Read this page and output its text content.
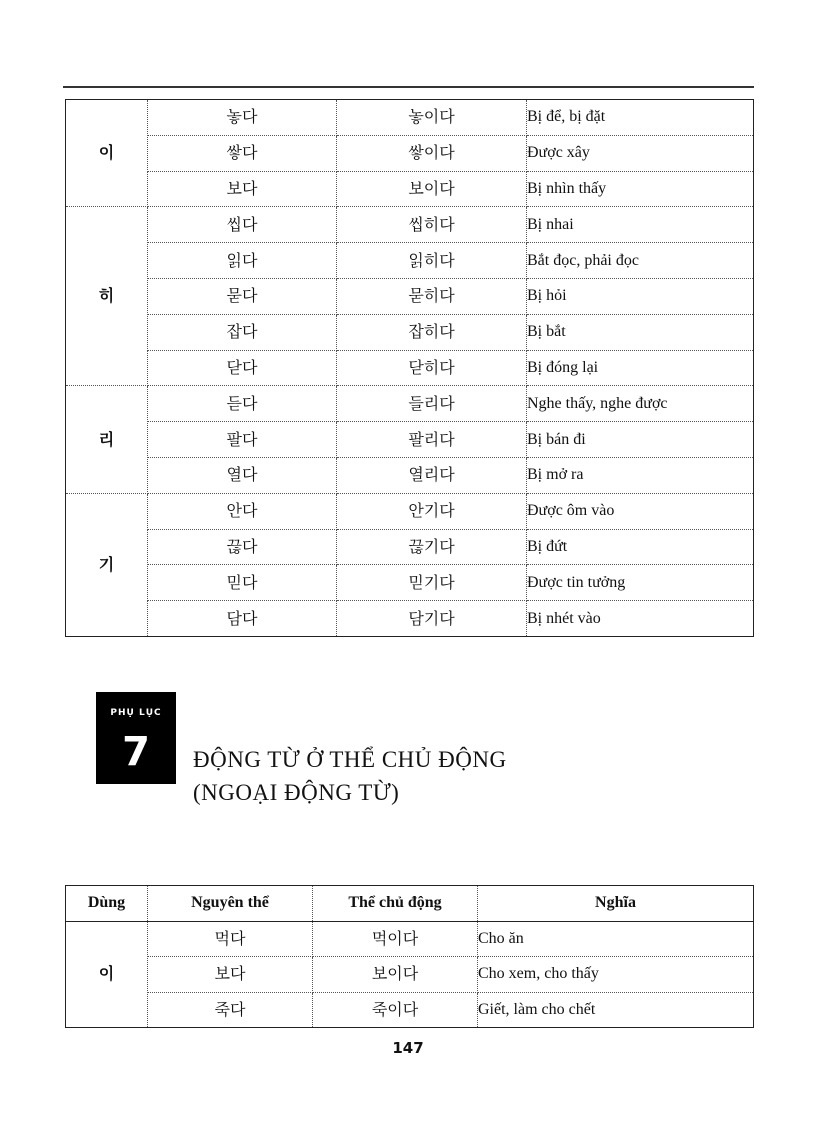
이	놓다	놓이다	Bị để, bị đặt
	쌓다	쌓이다	Được xây
	보다	보이다	Bị nhìn thấy
히	씹다	씹히다	Bị nhai
	읽다	읽히다	Bắt đọc, phải đọc
	묻다	묻히다	Bị hỏi
	잡다	잡히다	Bị bắt
	닫다	닫히다	Bị đóng lại
리	듣다	들리다	Nghe thấy, nghe được
	팔다	팔리다	Bị bán đi
	열다	열리다	Bị mở ra
기	안다	안기다	Được ôm vào
	끊다	끊기다	Bị đứt
	믿다	믿기다	Được tin tưởng
	담다	담기다	Bị nhét vào
PHỤ LỤC
7	ĐỘNG TỪ Ở THỂ CHỦ ĐỘNG
(NGOẠI ĐỘNG TỪ)
Dùng	Nguyên thể	Thể chủ động	Nghĩa
이	먹다	먹이다	Cho ăn
	보다	보이다	Cho xem, cho thấy
	죽다	죽이다	Giết, làm cho chết
147
